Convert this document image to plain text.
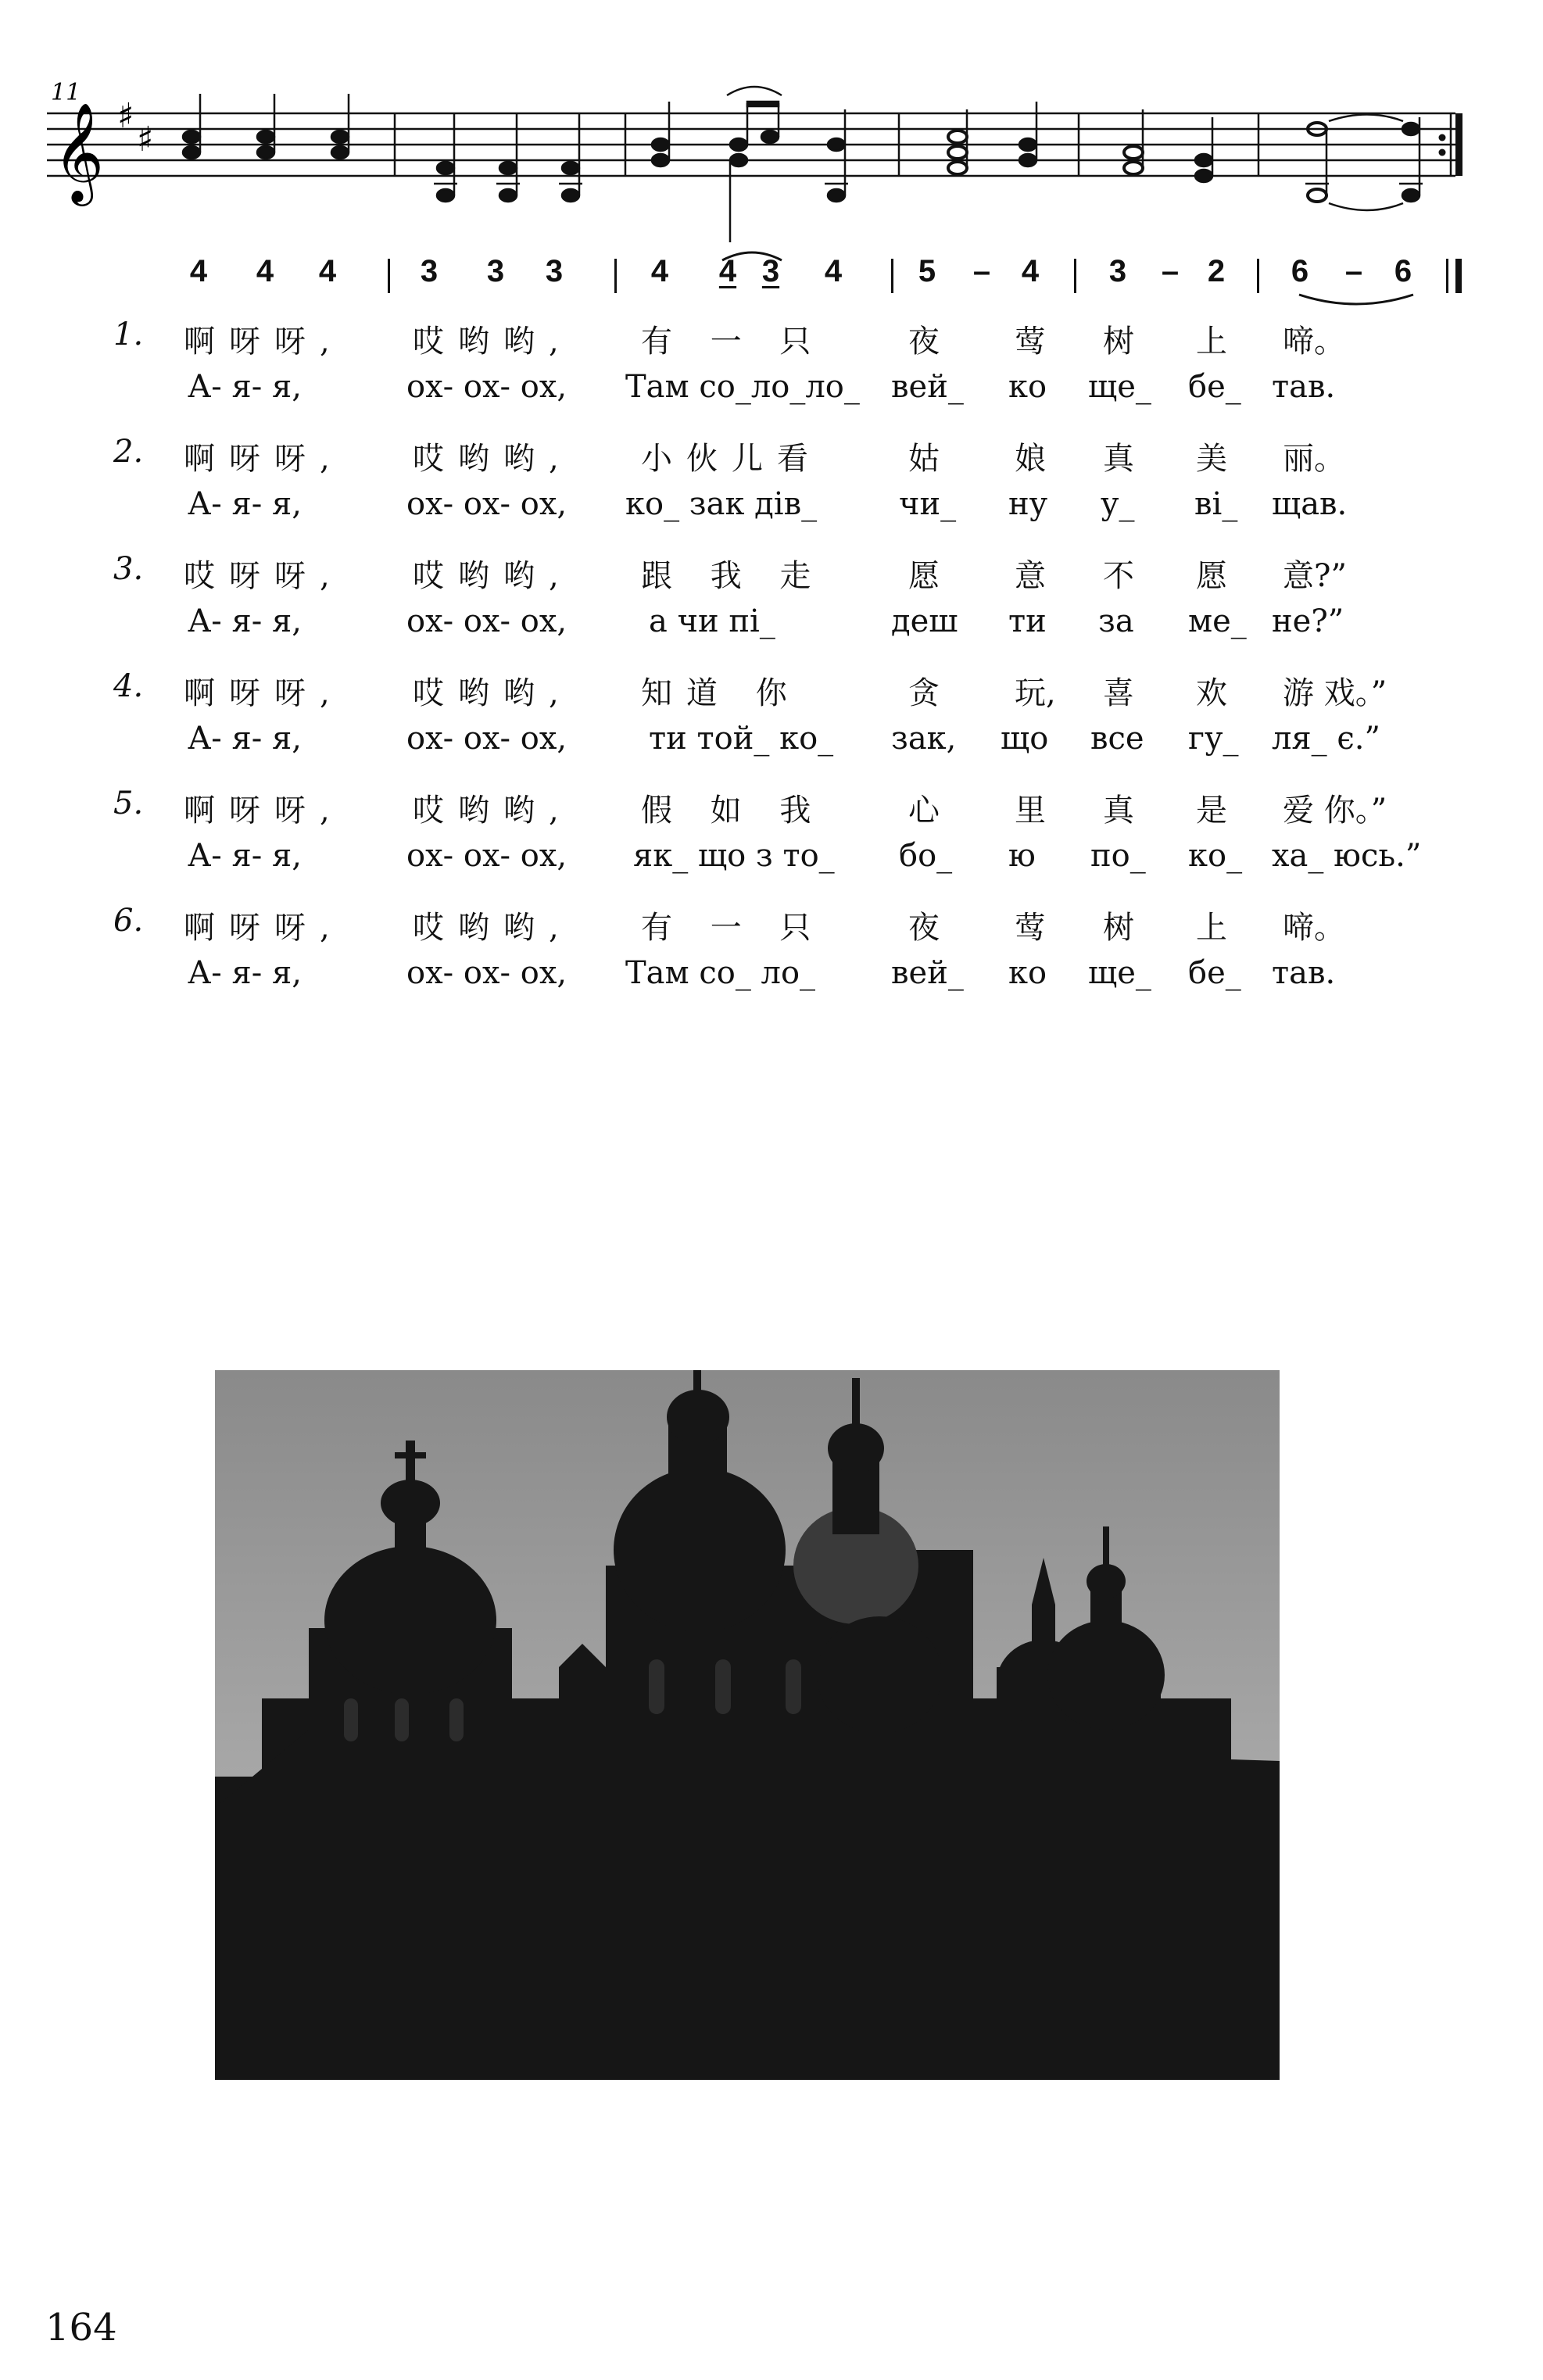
11
𝄞 ♯
♯
4 4 4	3 3 3	4 4 3 4 5 – 4 3 – 2 6 – 6
1. 啊呀呀, 哎哟哟, 有 一 只	夜 莺 树 上 啼。
А- я- я,	ох- ох- ох, Там со_ло_ло_ вей_ ко ще_ бе_ тав.
2. 啊呀呀, 哎哟哟, 小伙儿看	姑 娘 真 美 丽。
А- я- я,	ох- ох- ох, ко_ зак дів_	чи_ ну у_ ві_ щав.
3. 哎呀呀, 哎哟哟, 跟 我 走	愿 意 不 愿 意?”
А- я- я,	ох- ох- ох,	а чи пі_	деш ти за ме_ не?”
4. 啊呀呀, 哎哟哟, 知道 你	贪 玩, 喜 欢 游 戏。”
А- я- я,	ох- ох- ох,	ти той_ ко_ зак, що все гу_ ля_ є.”
5. 啊呀呀, 哎哟哟, 假 如 我	心 里 真 是 爱 你。”
А- я- я,	ох- ох- ох, як_ що з то_ бо_ ю по_ ко_ ха_ юсь.”
6. 啊呀呀, 哎哟哟, 有 一 只	夜 莺 树 上 啼。
А- я- я,	ох- ох- ох, Там со_ ло_ вей_ ко ще_ бе_ тав.
164
